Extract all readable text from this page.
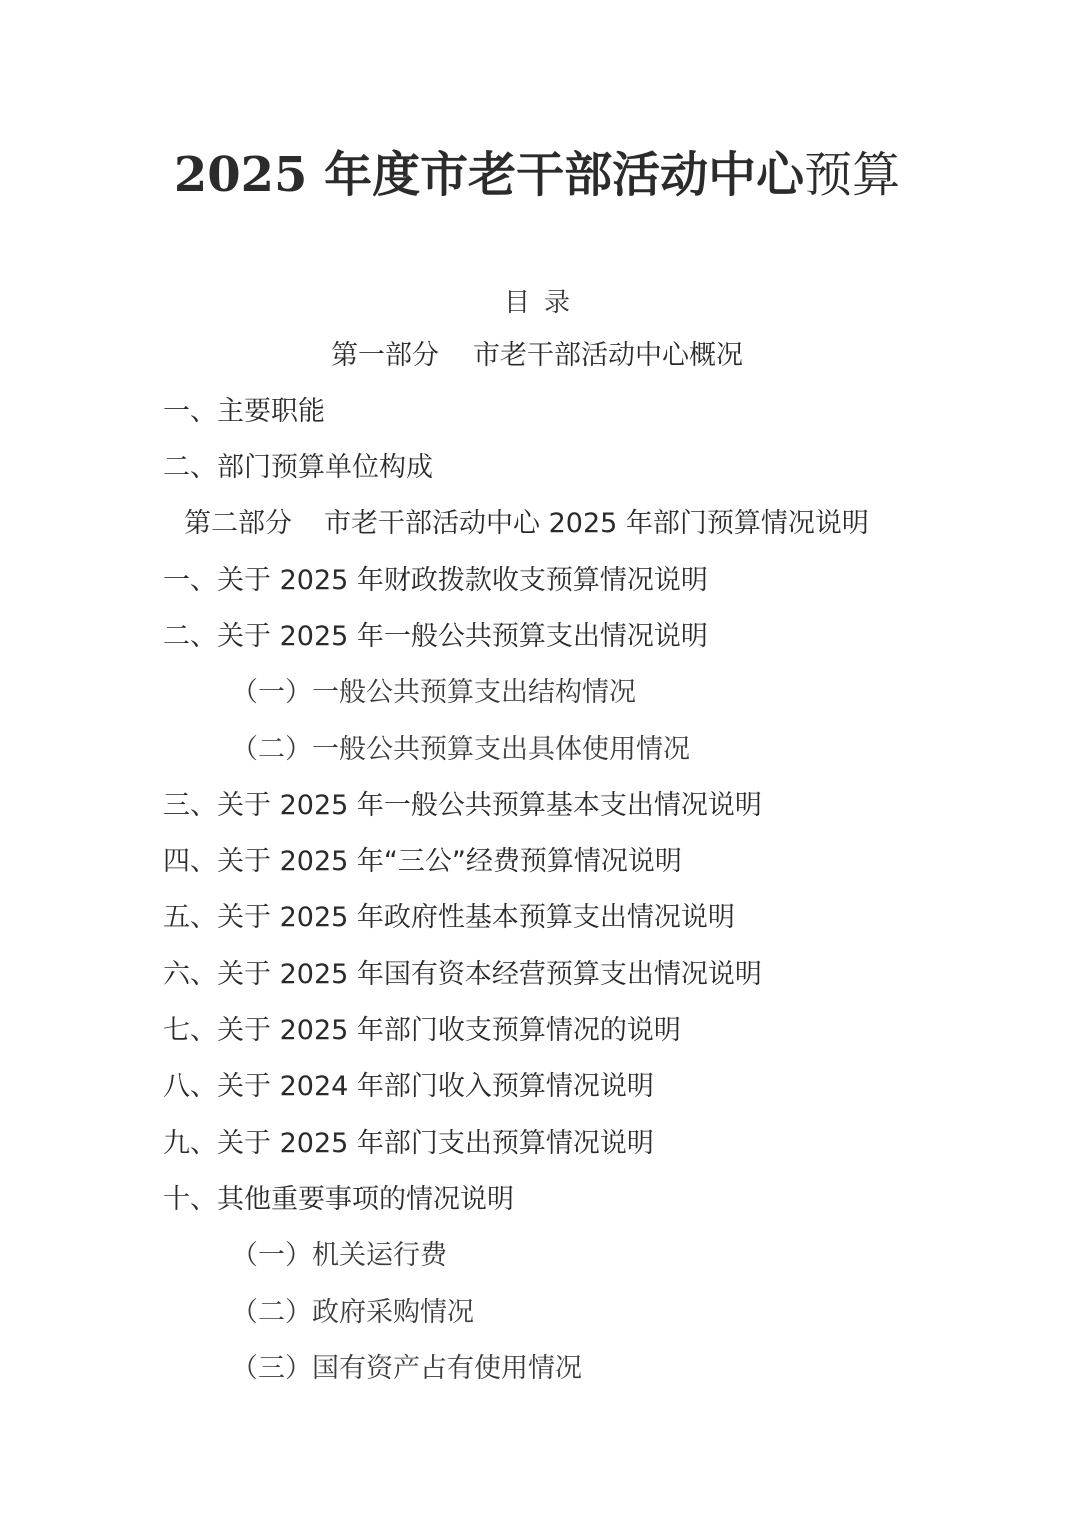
2025 年度市老干部活动中心预算
目录
第一部分 市老干部活动中心概况
一、主要职能
二、部门预算单位构成
第二部分 市老干部活动中心 2025 年部门预算情况说明
一、关于 2025 年财政拨款收支预算情况说明
二、关于 2025 年一般公共预算支出情况说明
（一）一般公共预算支出结构情况
（二）一般公共预算支出具体使用情况
三、关于 2025 年一般公共预算基本支出情况说明
四、关于 2025 年“三公”经费预算情况说明
五、关于 2025 年政府性基本预算支出情况说明
六、关于 2025 年国有资本经营预算支出情况说明
七、关于 2025 年部门收支预算情况的说明
八、关于 2024 年部门收入预算情况说明
九、关于 2025 年部门支出预算情况说明
十、其他重要事项的情况说明
（一）机关运行费
（二）政府采购情况
（三）国有资产占有使用情况
